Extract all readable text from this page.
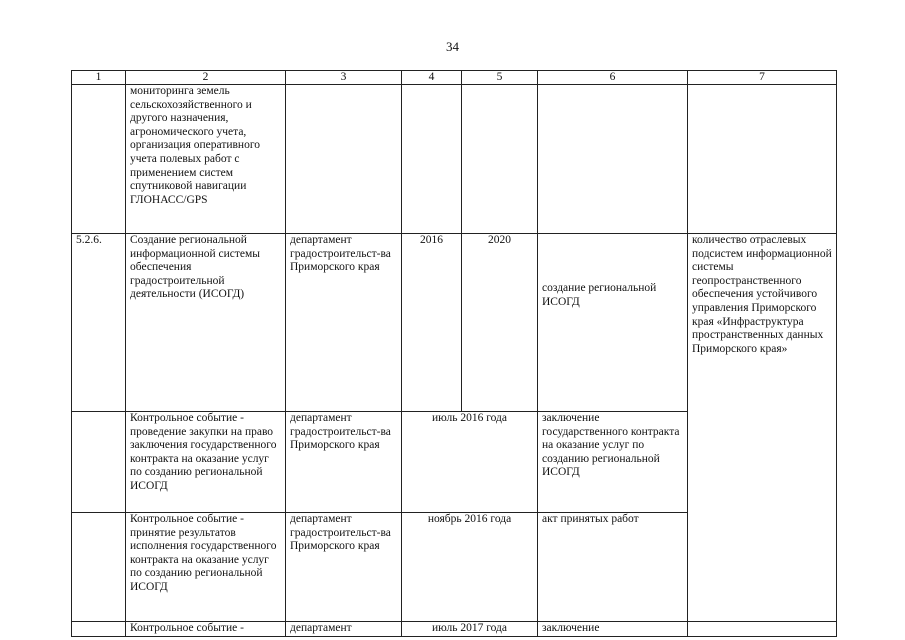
34
1	2	3	4	5	6	7
	мониторинга земель сельскохозяйственного и другого назначения, агрономического учета, организация оперативного учета полевых работ с применением систем спутниковой навигации ГЛОНАСС/GPS					
5.2.6.	Создание региональной информационной системы обеспечения градостроительной деятельности (ИСОГД)	департамент градостроительст-ва Приморского края	2016	2020	создание региональной ИСОГД	количество отраслевых подсистем информационной системы геопространственного обеспечения устойчивого управления Приморского края «Инфраструктура пространственных данных Приморского края»
	Контрольное событие - проведение закупки на право заключения государственного контракта на оказание услуг по созданию региональной ИСОГД	департамент градостроительст-ва Приморского края	июль 2016 года		заключение государственного контракта на оказание услуг по созданию региональной ИСОГД	
	Контрольное событие - принятие результатов исполнения государственного контракта на оказание услуг по созданию региональной ИСОГД	департамент градостроительст-ва Приморского края	ноябрь 2016 года		акт принятых работ	
	Контрольное событие -	департамент	июль 2017 года		заключение	
